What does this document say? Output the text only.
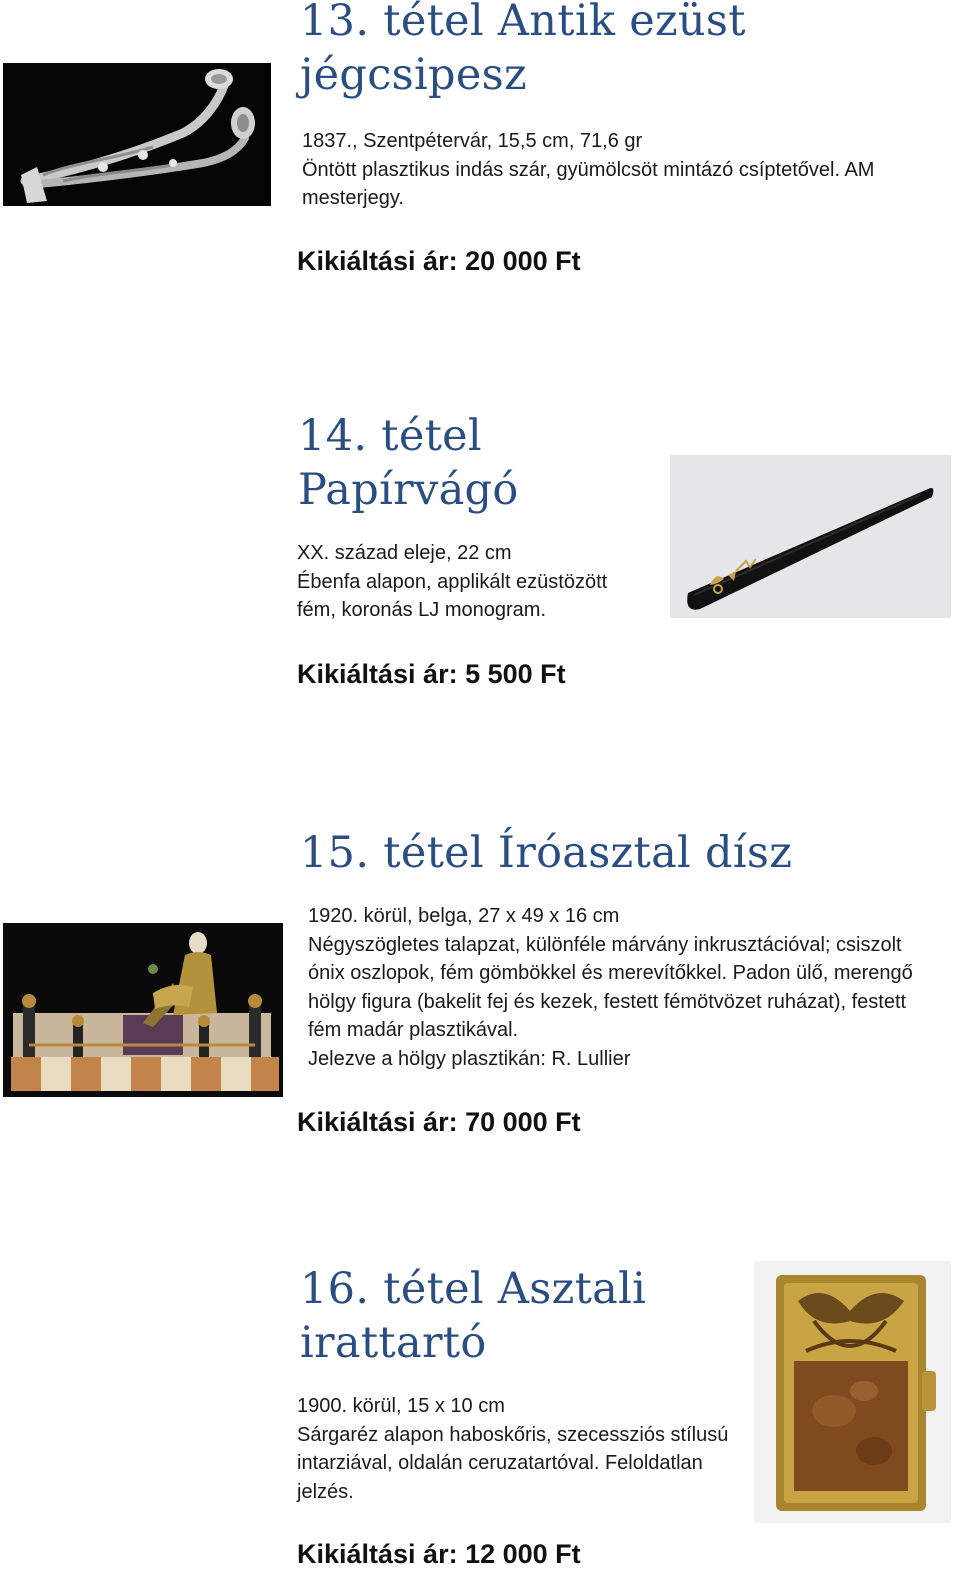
13. tétel Antik ezüst
jégcsipesz
1837., Szentpétervár, 15,5 cm, 71,6 gr
Öntött plasztikus indás szár, gyümölcsöt mintázó csíptetővel. AM
mesterjegy.
Kikiáltási ár: 20 000 Ft
14. tétel
Papírvágó
XX. század eleje, 22 cm
Ébenfa alapon, applikált ezüstözött
fém, koronás LJ monogram.
Kikiáltási ár: 5 500 Ft
15. tétel Íróasztal dísz
1920. körül, belga, 27 x 49 x 16 cm
Négyszögletes talapzat, különféle márvány inkrusztációval; csiszolt
ónix oszlopok, fém gömbökkel és merevítőkkel. Padon ülő, merengő
hölgy figura (bakelit fej és kezek, festett fémötvözet ruházat), festett
fém madár plasztikával.
Jelezve a hölgy plasztikán: R. Lullier
Kikiáltási ár: 70 000 Ft
16. tétel Asztali
irattartó
1900. körül, 15 x 10 cm
Sárgaréz alapon haboskőris, szecessziós stílusú
intarziával, oldalán ceruzatartóval. Feloldatlan
jelzés.
Kikiáltási ár: 12 000 Ft
